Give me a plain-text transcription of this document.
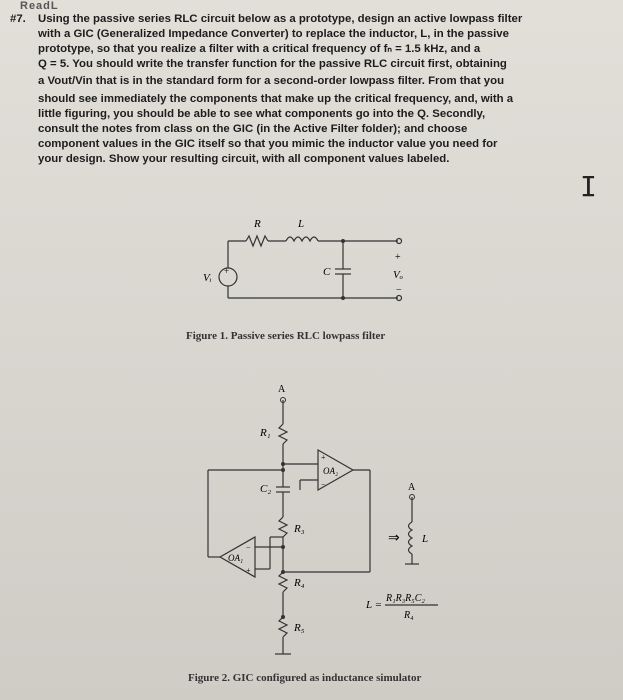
ReadL
#7. Using the passive series RLC circuit below as a prototype, design an active lowpass filter
with a GIC (Generalized Impedance Converter) to replace the inductor, L, in the passive
prototype, so that you realize a filter with a critical frequency of fₙ = 1.5 kHz, and a
Q = 5. You should write the transfer function for the passive RLC circuit first, obtaining
a Vout/Vin that is in the standard form for a second-order lowpass filter. From that you
should see immediately the components that make up the critical frequency, and, with a
little figuring, you should be able to see what components go into the Q. Secondly,
consult the notes from class on the GIC (in the Active Filter folder); and choose
component values in the GIC itself so that you mimic the inductor value you need for
your design. Show your resulting circuit, with all component values labeled.
I
R	L
C
Vᵢ
+
+
Vₒ
−
Figure 1. Passive series RLC lowpass filter
A
R₁
C₂
R₃
R₄
R₅
OA₂
+
−
OA₁
−
+
A
L
⇒
L =
R₁R₃R₅C₂
R₄
Figure 2. GIC configured as inductance simulator
